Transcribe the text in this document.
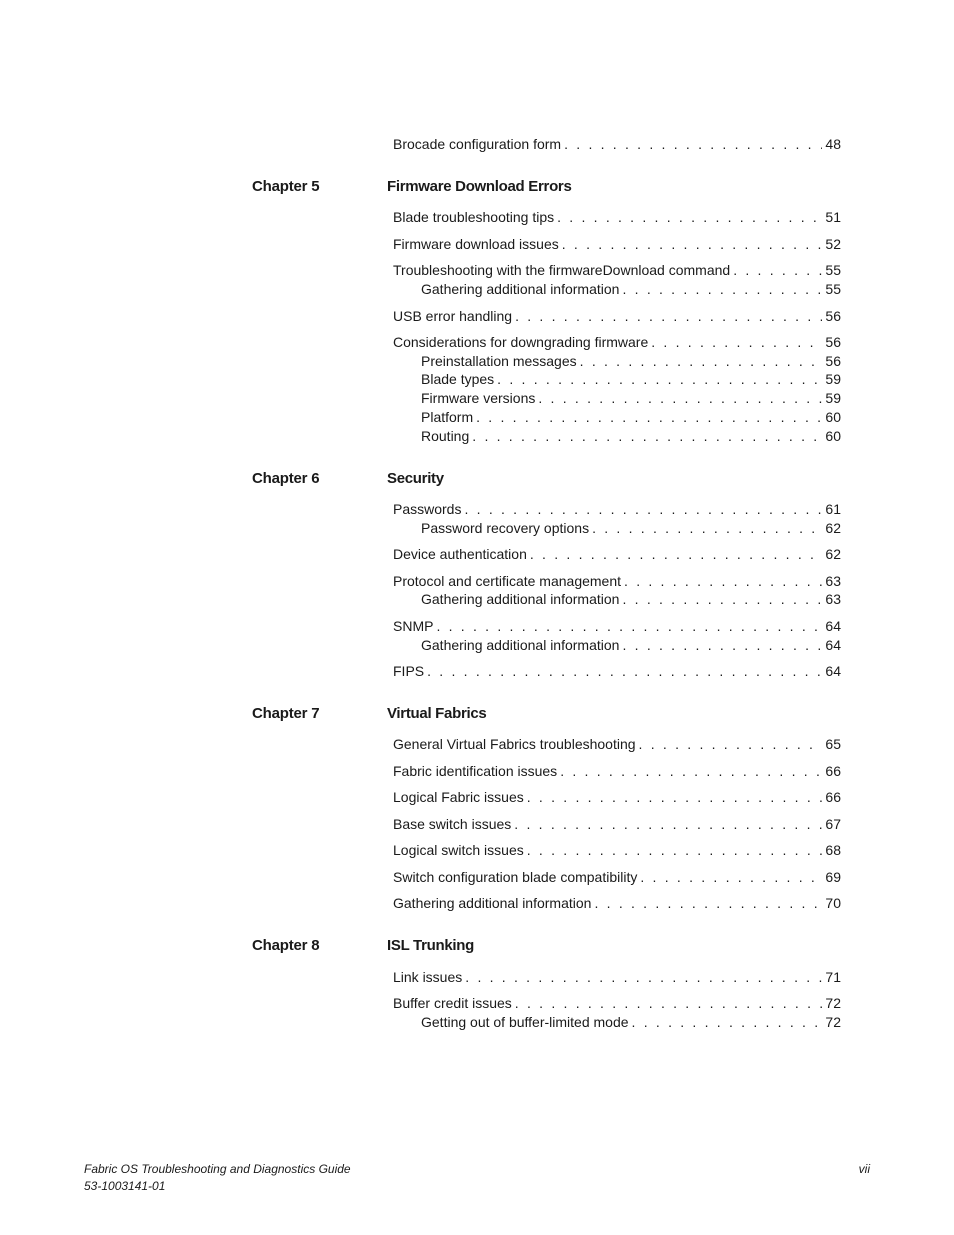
Brocade configuration form . . .	48
Chapter 5	Firmware Download Errors
Blade troubleshooting tips . . .	51
Firmware download issues . . .	52
Troubleshooting with the firmwareDownload command . . .	55
Gathering additional information . . .	55
USB error handling . . .	56
Considerations for downgrading firmware . . .	56
Preinstallation messages . . .	56
Blade types . . .	59
Firmware versions . . .	59
Platform . . .	60
Routing . . .	60
Chapter 6	Security
Passwords . . .	61
Password recovery options . . .	62
Device authentication . . .	62
Protocol and certificate management . . .	63
Gathering additional information . . .	63
SNMP . . .	64
Gathering additional information . . .	64
FIPS . . .	64
Chapter 7	Virtual Fabrics
General Virtual Fabrics troubleshooting . . .	65
Fabric identification issues . . .	66
Logical Fabric issues . . .	66
Base switch issues . . .	67
Logical switch issues . . .	68
Switch configuration blade compatibility . . .	69
Gathering additional information . . .	70
Chapter 8	ISL Trunking
Link issues . . .	71
Buffer credit issues . . .	72
Getting out of buffer-limited mode . . .	72
Fabric OS Troubleshooting and Diagnostics Guide
53-1003141-01
vii
